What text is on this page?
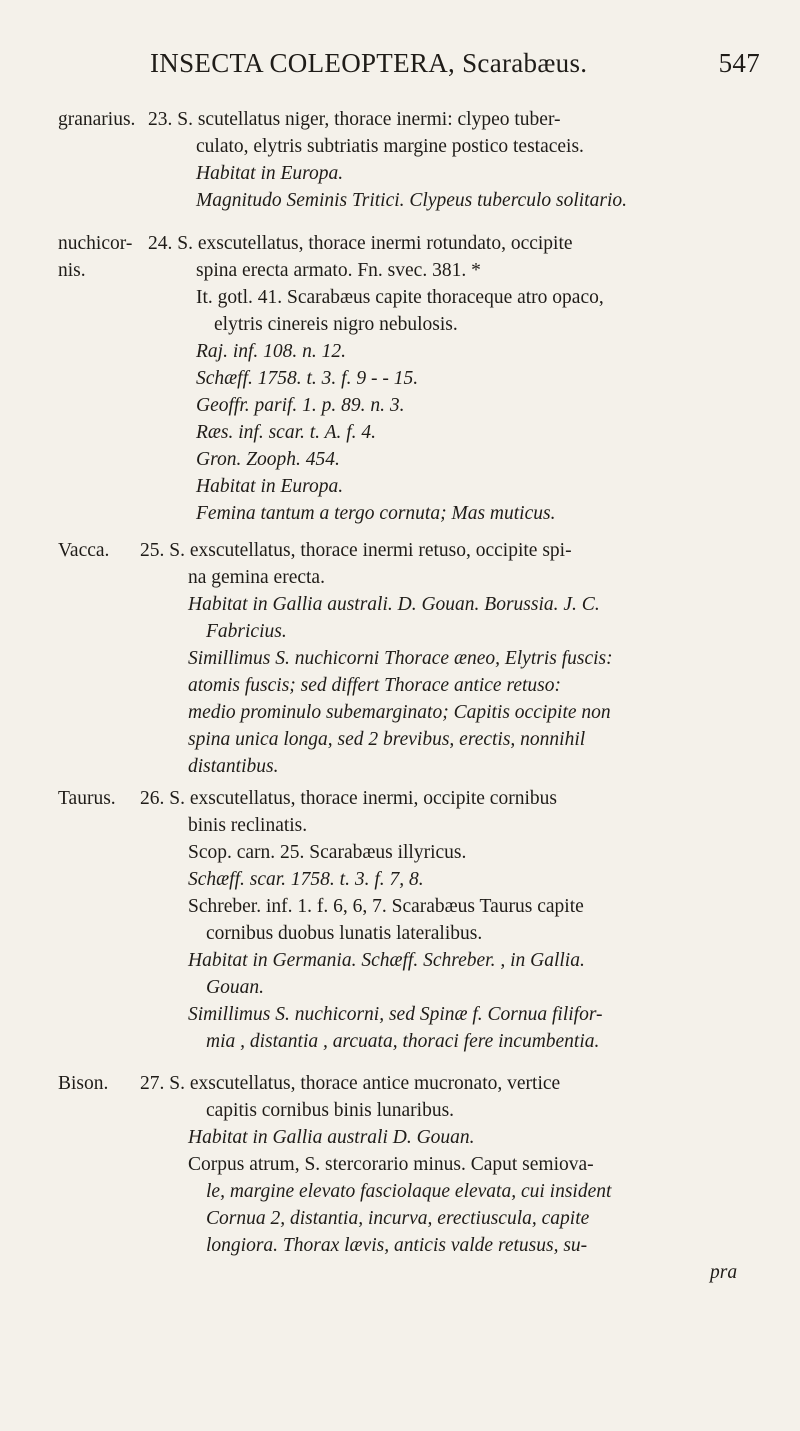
INSECTA COLEOPTERA, Scarabæus.	547
granarius. 23. S. scutellatus niger, thorace inermi: clypeo tuber-
culato, elytris subtriatis margine postico testaceis.
Habitat in Europa.
Magnitudo Seminis Tritici. Clypeus tuberculo solitario.
nuchicor- nis.
24. S. exscutellatus, thorace inermi rotundato, occipite
spina erecta armato. Fn. svec. 381. *
It. gotl. 41. Scarabæus capite thoraceque atro opaco,
elytris cinereis nigro nebulosis.
Raj. inf. 108. n. 12.
Schæff. 1758. t. 3. f. 9 - - 15.
Geoffr. parif. 1. p. 89. n. 3.
Ræs. inf. scar. t. A. f. 4.
Gron. Zooph. 454.
Habitat in Europa.
Femina tantum a tergo cornuta; Mas muticus.
Vacca.	25. S. exscutellatus, thorace inermi retuso, occipite spi-
na gemina erecta.
Habitat in Gallia australi. D. Gouan. Borussia. J. C.
Fabricius.
Simillimus S. nuchicorni Thorace æneo, Elytris fuscis:
atomis fuscis; sed differt Thorace antice retuso:
medio prominulo subemarginato; Capitis occipite non
spina unica longa, sed 2 brevibus, erectis, nonnihil
distantibus.
Taurus.	26. S. exscutellatus, thorace inermi, occipite cornibus
binis reclinatis.
Scop. carn. 25. Scarabæus illyricus.
Schæff. scar. 1758. t. 3. f. 7, 8.
Schreber. inf. 1. f. 6, 6, 7. Scarabæus Taurus capite
cornibus duobus lunatis lateralibus.
Habitat in Germania. Schæff. Schreber. , in Gallia.
Gouan.
Simillimus S. nuchicorni, sed Spinæ f. Cornua filifor-
mia , distantia , arcuata, thoraci fere incumbentia.
Bison.	27. S. exscutellatus, thorace antice mucronato, vertice
capitis cornibus binis lunaribus.
Habitat in Gallia australi D. Gouan.
Corpus atrum, S. stercorario minus. Caput semiova-
le, margine elevato fasciolaque elevata, cui insident
Cornua 2, distantia, incurva, erectiuscula, capite
longiora. Thorax lævis, anticis valde retusus, su-
pra
